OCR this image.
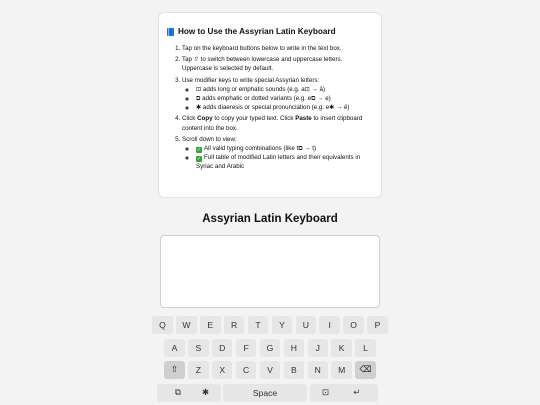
How to Use the Assyrian Latin Keyboard
1. Tap on the keyboard buttons below to write in the text box.
2. Tap ⇧ to switch between lowercase and uppercase letters. Uppercase is selected by default.
3. Use modifier keys to write special Assyrian letters:
◦ ⊡ adds long or emphatic sounds (e.g. a⊡ → ā)
◦ ⧉ adds emphatic or dotted variants (e.g. e⧉ → ẹ)
◦ ✱ adds diaeresis or special pronunciation (e.g. e✱ → ë)
4. Click Copy to copy your typed text. Click Paste to insert clipboard content into the box.
5. Scroll down to view:
◦ ✓ All valid typing combinations (like t⧉ → ṭ)
◦ ✓ Full table of modified Latin letters and their equivalents in Syriac and Arabic
Assyrian Latin Keyboard
Q	W	E	R	T	Y	U	I	O	P
A	S	D	F	G	H	J	K	L
⇧	Z	X	C	V	B	N	M	⌫
⧉	✱	Space	⊡	↵
